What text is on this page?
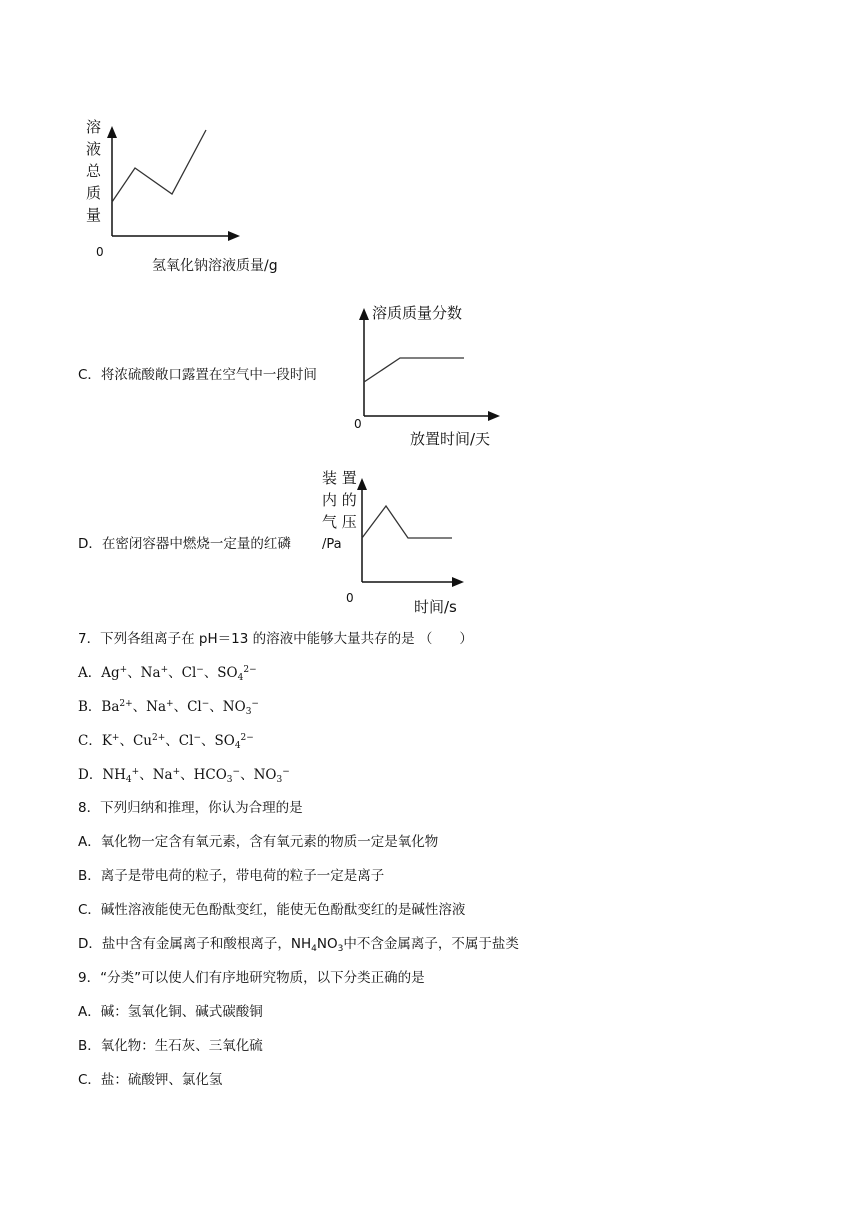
溶
液
总
质
量
0
氢氧化钠溶液质量/g
C．将浓硫酸敞口露置在空气中一段时间
溶质质量分数
0
放置时间/天
D．在密闭容器中燃烧一定量的红磷
装 置
内 的
气 压
/Pa
0	时间/s
7．下列各组离子在 pH＝13 的溶液中能够大量共存的是 （　　）
A．Ag+、Na+、Cl−、$SO_4^{2-}$
B．$Ba^{2+}$、Na+、Cl−、$NO_3^-$
C．K+、$Cu^{2+}$、Cl−、$SO_4^{2-}$
D．$NH_4^+$、Na+、$HCO_3^-$、$NO_3^-$
8．下列归纳和推理，你认为合理的是
A．氧化物一定含有氧元素，含有氧元素的物质一定是氧化物
B．离子是带电荷的粒子，带电荷的粒子一定是离子
C．碱性溶液能使无色酚酞变红，能使无色酚酞变红的是碱性溶液
D．盐中含有金属离子和酸根离子，$NH_4NO_3$中不含金属离子，不属于盐类
9．“分类”可以使人们有序地研究物质，以下分类正确的是
A．碱：氢氧化铜、碱式碳酸铜
B．氧化物：生石灰、三氧化硫
C．盐：硫酸钾、氯化氢
